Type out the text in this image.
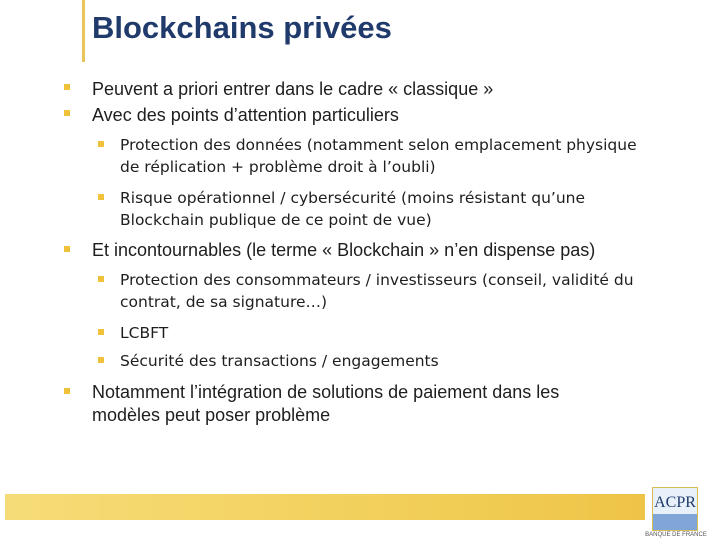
Blockchains privées
Peuvent a priori entrer dans le cadre « classique »
Avec des points d’attention particuliers
Protection des données (notamment selon emplacement physique
de réplication + problème droit à l’oubli)
Risque opérationnel / cybersécurité (moins résistant qu’une
Blockchain publique de ce point de vue)
Et incontournables (le terme « Blockchain » n’en dispense pas)
Protection des consommateurs / investisseurs (conseil, validité du
contrat, de sa signature…)
LCBFT
Sécurité des transactions / engagements
Notamment l’intégration de solutions de paiement dans les
modèles peut poser problème
ACPR
BANQUE DE FRANCE
